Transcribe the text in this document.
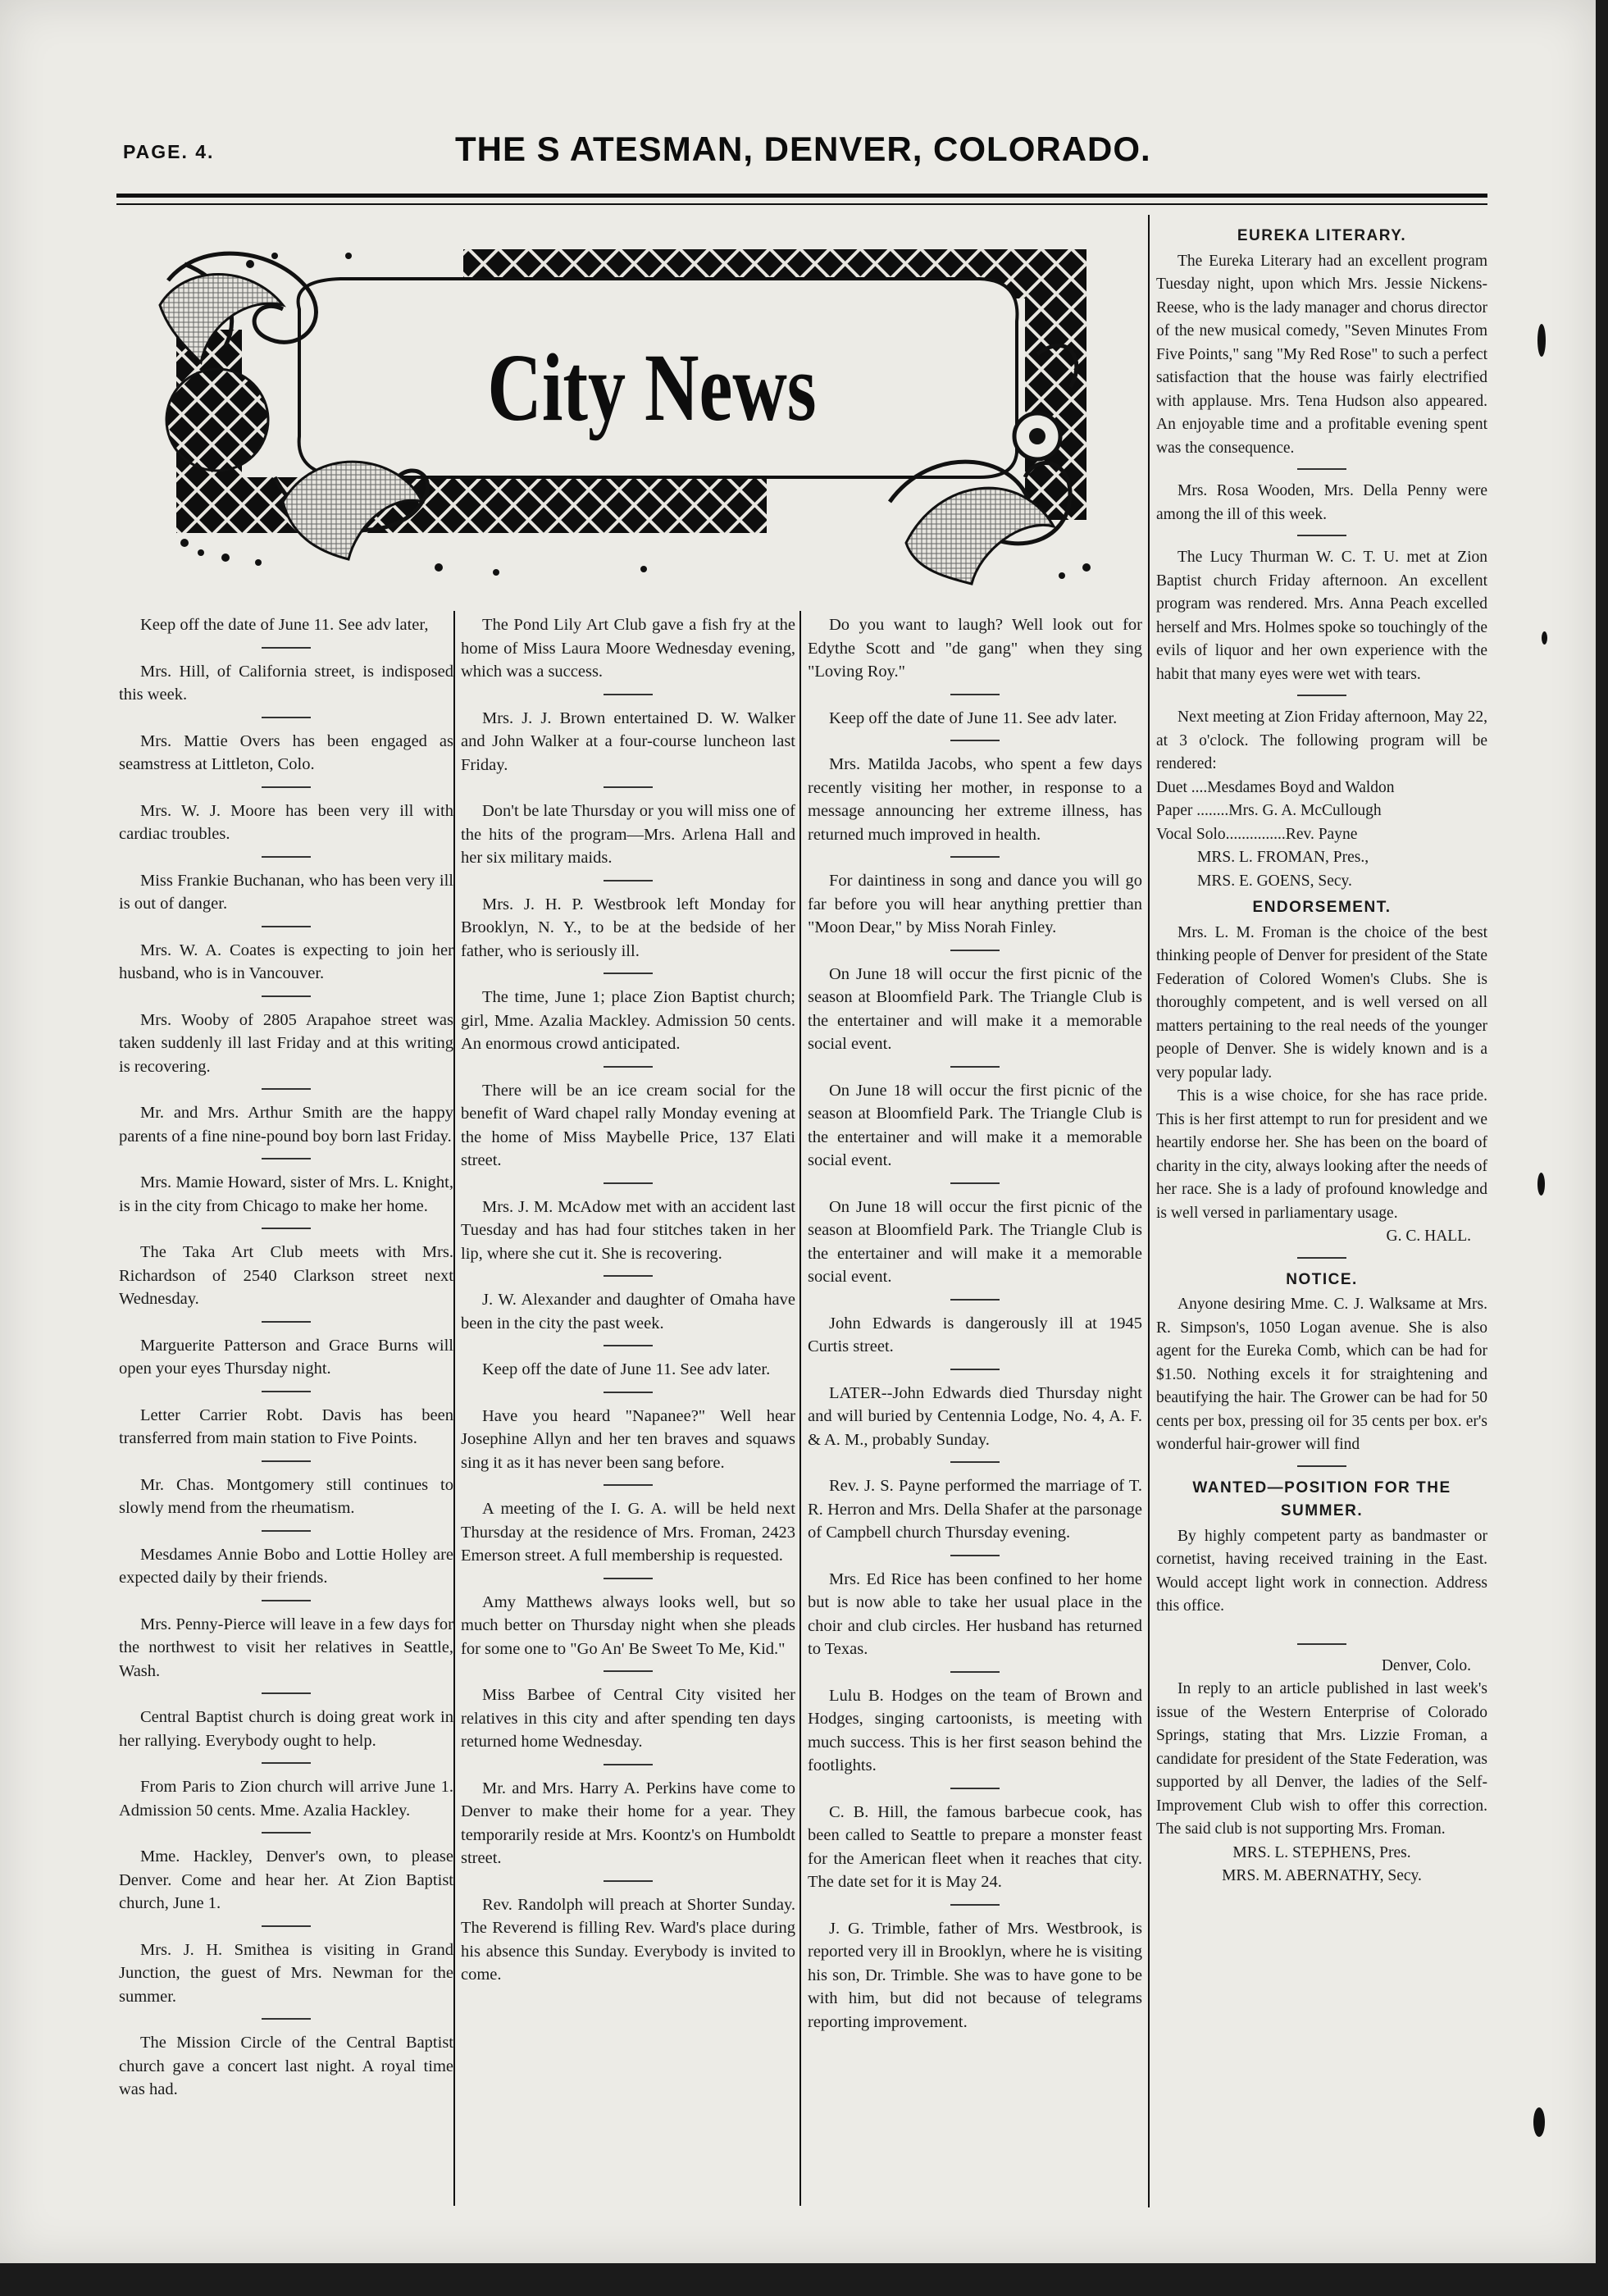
PAGE. 4.	THE S ATESMAN, DENVER, COLORADO.
City News

Keep off the date of June 11. See adv later,

Mrs. Hill, of California street, is indisposed this week.

Mrs. Mattie Overs has been engaged as seamstress at Littleton, Colo.

Mrs. W. J. Moore has been very ill with cardiac troubles.

Miss Frankie Buchanan, who has been very ill is out of danger.

Mrs. W. A. Coates is expecting to join her husband, who is in Vancouver.

Mrs. Wooby of 2805 Arapahoe street was taken suddenly ill last Friday and at this writing is recovering.

Mr. and Mrs. Arthur Smith are the happy parents of a fine nine-pound boy born last Friday.

Mrs. Mamie Howard, sister of Mrs. L. Knight, is in the city from Chicago to make her home.

The Taka Art Club meets with Mrs. Richardson of 2540 Clarkson street next Wednesday.

Marguerite Patterson and Grace Burns will open your eyes Thursday night.

Letter Carrier Robt. Davis has been transferred from main station to Five Points.

Mr. Chas. Montgomery still continues to slowly mend from the rheumatism.

Mesdames Annie Bobo and Lottie Holley are expected daily by their friends.

Mrs. Penny-Pierce will leave in a few days for the northwest to visit her relatives in Seattle, Wash.

Central Baptist church is doing great work in her rallying. Everybody ought to help.

From Paris to Zion church will arrive June 1. Admission 50 cents. Mme. Azalia Hackley.

Mme. Hackley, Denver's own, to please Denver. Come and hear her. At Zion Baptist church, June 1.

Mrs. J. H. Smithea is visiting in Grand Junction, the guest of Mrs. Newman for the summer.

The Mission Circle of the Central Baptist church gave a concert last night. A royal time was had.

The Pond Lily Art Club gave a fish fry at the home of Miss Laura Moore Wednesday evening, which was a success.

Mrs. J. J. Brown entertained D. W. Walker and John Walker at a four-course luncheon last Friday.

Don't be late Thursday or you will miss one of the hits of the program—Mrs. Arlena Hall and her six military maids.

Mrs. J. H. P. Westbrook left Monday for Brooklyn, N. Y., to be at the bedside of her father, who is seriously ill.

The time, June 1; place Zion Baptist church; girl, Mme. Azalia Mackley. Admission 50 cents. An enormous crowd anticipated.

There will be an ice cream social for the benefit of Ward chapel rally Monday evening at the home of Miss Maybelle Price, 137 Elati street.

Mrs. J. M. McAdow met with an accident last Tuesday and has had four stitches taken in her lip, where she cut it. She is recovering.

J. W. Alexander and daughter of Omaha have been in the city the past week.

Keep off the date of June 11. See adv later.

Have you heard "Napanee?" Well hear Josephine Allyn and her ten braves and squaws sing it as it has never been sang before.

A meeting of the I. G. A. will be held next Thursday at the residence of Mrs. Froman, 2423 Emerson street. A full membership is requested.

Amy Matthews always looks well, but so much better on Thursday night when she pleads for some one to "Go An' Be Sweet To Me, Kid."

Miss Barbee of Central City visited her relatives in this city and after spending ten days returned home Wednesday.

Mr. and Mrs. Harry A. Perkins have come to Denver to make their home for a year. They temporarily reside at Mrs. Koontz's on Humboldt street.

Rev. Randolph will preach at Shorter Sunday. The Reverend is filling Rev. Ward's place during his absence this Sunday. Everybody is invited to come.

Do you want to laugh? Well look out for Edythe Scott and "de gang" when they sing "Loving Roy."

Keep off the date of June 11. See adv later.

Mrs. Matilda Jacobs, who spent a few days recently visiting her mother, in response to a message announcing her extreme illness, has returned much improved in health.

For daintiness in song and dance you will go far before you will hear anything prettier than "Moon Dear," by Miss Norah Finley.

On June 18 will occur the first picnic of the season at Bloomfield Park. The Triangle Club is the entertainer and will make it a memorable social event.

On June 18 will occur the first picnic of the season at Bloomfield Park. The Triangle Club is the entertainer and will make it a memorable social event.

On June 18 will occur the first picnic of the season at Bloomfield Park. The Triangle Club is the entertainer and will make it a memorable social event.

John Edwards is dangerously ill at 1945 Curtis street.

LATER--John Edwards died Thursday night and will buried by Centennia Lodge, No. 4, A. F. & A. M., probably Sunday.

Rev. J. S. Payne performed the marriage of T. R. Herron and Mrs. Della Shafer at the parsonage of Campbell church Thursday evening.

Mrs. Ed Rice has been confined to her home but is now able to take her usual place in the choir and club circles. Her husband has returned to Texas.

Lulu B. Hodges on the team of Brown and Hodges, singing cartoonists, is meeting with much success. This is her first season behind the footlights.

C. B. Hill, the famous barbecue cook, has been called to Seattle to prepare a monster feast for the American fleet when it reaches that city. The date set for it is May 24.

J. G. Trimble, father of Mrs. Westbrook, is reported very ill in Brooklyn, where he is visiting his son, Dr. Trimble. She was to have gone to be with him, but did not because of telegrams reporting improvement.

EUREKA LITERARY.

The Eureka Literary had an excellent program Tuesday night, upon which Mrs. Jessie Nickens-Reese, who is the lady manager and chorus director of the new musical comedy, "Seven Minutes From Five Points," sang "My Red Rose" to such a perfect satisfaction that the house was fairly electrified with applause. Mrs. Tena Hudson also appeared. An enjoyable time and a profitable evening spent was the consequence.

Mrs. Rosa Wooden, Mrs. Della Penny were among the ill of this week.

The Lucy Thurman W. C. T. U. met at Zion Baptist church Friday afternoon. An excellent program was rendered. Mrs. Anna Peach excelled herself and Mrs. Holmes spoke so touchingly of the evils of liquor and her own experience with the habit that many eyes were wet with tears.

Next meeting at Zion Friday afternoon, May 22, at 3 o'clock. The following program will be rendered:

Duet ....Mesdames Boyd and Waldon
Paper ........Mrs. G. A. McCullough
Vocal Solo...............Rev. Payne
MRS. L. FROMAN, Pres.,
MRS. E. GOENS, Secy.
ENDORSEMENT.

Mrs. L. M. Froman is the choice of the best thinking people of Denver for president of the State Federation of Colored Women's Clubs. She is thoroughly competent, and is well versed on all matters pertaining to the real needs of the younger people of Denver. She is widely known and is a very popular lady.

This is a wise choice, for she has race pride. This is her first attempt to run for president and we heartily endorse her. She has been on the board of charity in the city, always looking after the needs of her race. She is a lady of profound knowledge and is well versed in parliamentary usage.

G. C. HALL.
NOTICE.

Anyone desiring Mme. C. J. Walksame at Mrs. R. Simpson's, 1050 Logan avenue. She is also agent for the Eureka Comb, which can be had for $1.50. Nothing excels it for straightening and beautifying the hair. The Grower can be had for 50 cents per box, pressing oil for 35 cents per box. er's wonderful hair-grower will find

WANTED—POSITION FOR THE SUMMER.

By highly competent party as bandmaster or cornetist, having received training in the East. Would accept light work in connection. Address this office.

Denver, Colo.

In reply to an article published in last week's issue of the Western Enterprise of Colorado Springs, stating that Mrs. Lizzie Froman, a candidate for president of the State Federation, was supported by all Denver, the ladies of the Self-Improvement Club wish to offer this correction. The said club is not supporting Mrs. Froman.

MRS. L. STEPHENS, Pres.
MRS. M. ABERNATHY, Secy.
